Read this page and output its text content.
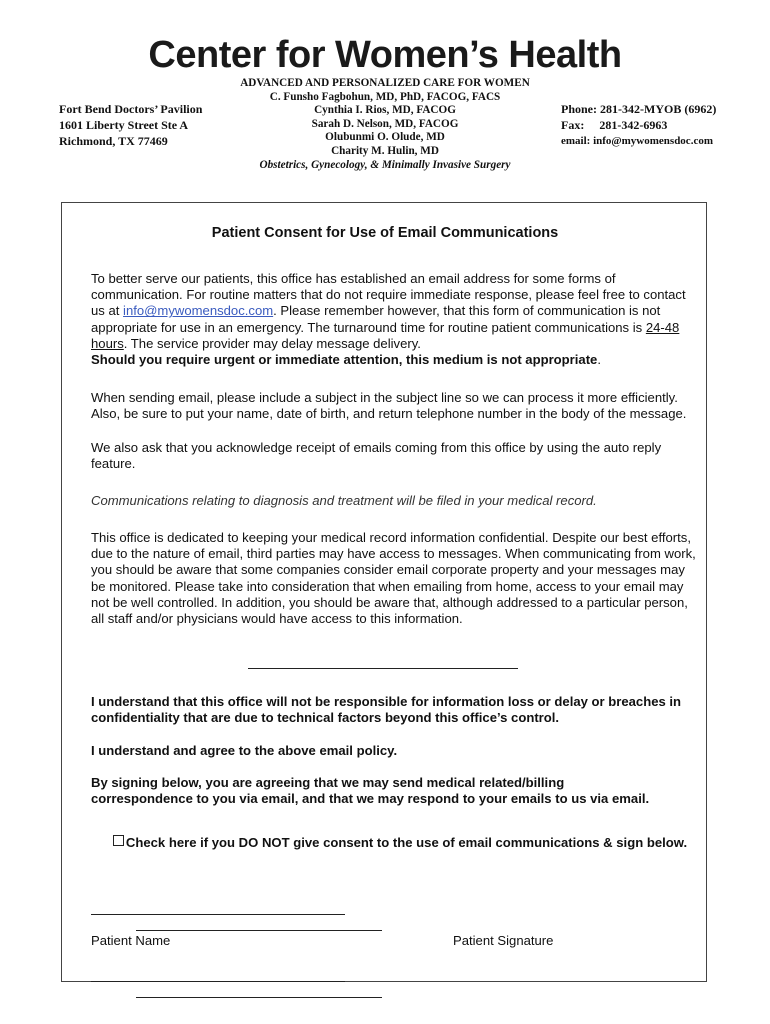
Center for Women’s Health
ADVANCED AND PERSONALIZED CARE FOR WOMEN
C. Funsho Fagbohun, MD, PhD, FACOG, FACS
Cynthia I. Rios, MD, FACOG
Sarah D. Nelson, MD, FACOG
Olubunmi O. Olude, MD
Charity M. Hulin, MD
Obstetrics, Gynecology, & Minimally Invasive Surgery
Fort Bend Doctors’ Pavilion
1601 Liberty Street Ste A
Richmond, TX 77469
Phone: 281-342-MYOB (6962)
Fax: 281-342-6963
email: info@mywomensdoc.com
Patient Consent for Use of Email Communications
To better serve our patients, this office has established an email address for some forms of communication. For routine matters that do not require immediate response, please feel free to contact us at info@mywomensdoc.com. Please remember however, that this form of communication is not appropriate for use in an emergency. The turnaround time for routine patient communications is 24-48 hours. The service provider may delay message delivery.
Should you require urgent or immediate attention, this medium is not appropriate.
When sending email, please include a subject in the subject line so we can process it more efficiently. Also, be sure to put your name, date of birth, and return telephone number in the body of the message.
We also ask that you acknowledge receipt of emails coming from this office by using the auto reply feature.
Communications relating to diagnosis and treatment will be filed in your medical record.
This office is dedicated to keeping your medical record information confidential. Despite our best efforts, due to the nature of email, third parties may have access to messages. When communicating from work, you should be aware that some companies consider email corporate property and your messages may be monitored. Please take into consideration that when emailing from home, access to your email may not be well controlled. In addition, you should be aware that, although addressed to a particular person, all staff and/or physicians would have access to this information.
I understand that this office will not be responsible for information loss or delay or breaches in confidentiality that are due to technical factors beyond this office’s control.
I understand and agree to the above email policy.
By signing below, you are agreeing that we may send medical related/billing correspondence to you via email, and that we may respond to your emails to us via email.
Check here if you DO NOT give consent to the use of email communications & sign below.
Patient Name	Patient Signature
